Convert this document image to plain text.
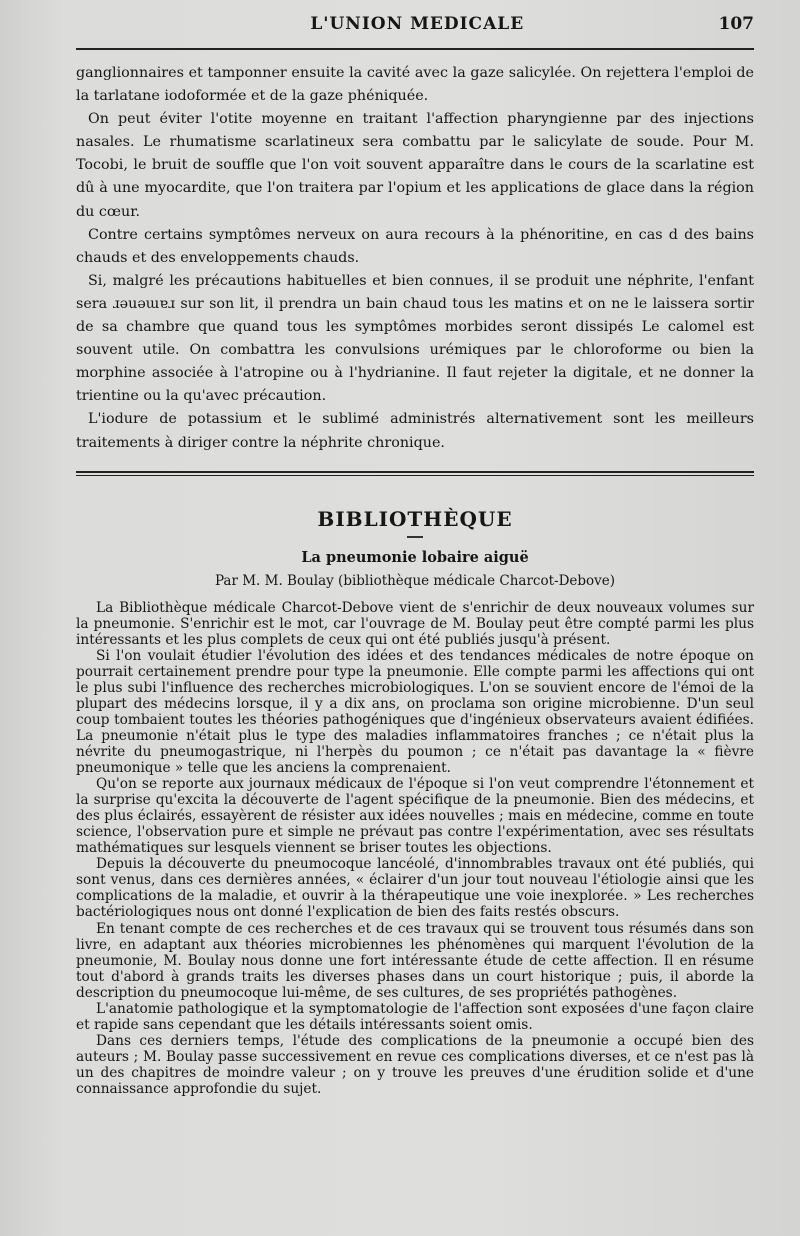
L'UNION MEDICALE	107

ganglionnaires et tamponner ensuite la cavité avec la gaze salicylée. On rejettera l'emploi de la tarlatane iodoformée et de la gaze phéniquée.

On peut éviter l'otite moyenne en traitant l'affection pharyngienne par des injections nasales. Le rhumatisme scarlatineux sera combattu par le salicylate de soude. Pour M. Tocobi, le bruit de souffle que l'on voit souvent apparaître dans le cours de la scarlatine est dû à une myocardite, que l'on traitera par l'opium et les applications de glace dans la région du cœur.

Contre certains symptômes nerveux on aura recours à la phénoritine, en cas d des bains chauds et des enveloppements chauds.

Si, malgré les précautions habituelles et bien connues, il se produit une néphrite, l'enfant sera ɹǝuǝɯɐɹ sur son lit, il prendra un bain chaud tous les matins et on ne le laissera sortir de sa chambre que quand tous les symptômes morbides seront dissipés Le calomel est souvent utile. On combattra les convulsions urémiques par le chloroforme ou bien la morphine associée à l'atropine ou à l'hydrianine. Il faut rejeter la digitale, et ne donner la trientine ou la qu'avec précaution.

L'iodure de potassium et le sublimé administrés alternativement sont les meilleurs traitements à diriger contre la néphrite chronique.

BIBLIOTHÈQUE
La pneumonie lobaire aiguë
Par M. M. Boulay (bibliothèque médicale Charcot-Debove)

La Bibliothèque médicale Charcot-Debove vient de s'enrichir de deux nouveaux volumes sur la pneumonie. S'enrichir est le mot, car l'ouvrage de M. Boulay peut être compté parmi les plus intéressants et les plus complets de ceux qui ont été publiés jusqu'à présent.

Si l'on voulait étudier l'évolution des idées et des tendances médicales de notre époque on pourrait certainement prendre pour type la pneumonie. Elle compte parmi les affections qui ont le plus subi l'influence des recherches microbiologiques. L'on se souvient encore de l'émoi de la plupart des médecins lorsque, il y a dix ans, on proclama son origine microbienne. D'un seul coup tombaient toutes les théories pathogéniques que d'ingénieux observateurs avaient édifiées. La pneumonie n'était plus le type des maladies inflammatoires franches ; ce n'était plus la névrite du pneumogastrique, ni l'herpès du poumon ; ce n'était pas davantage la « fièvre pneumonique » telle que les anciens la comprenaient.

Qu'on se reporte aux journaux médicaux de l'époque si l'on veut comprendre l'étonnement et la surprise qu'excita la découverte de l'agent spécifique de la pneumonie. Bien des médecins, et des plus éclairés, essayèrent de résister aux idées nouvelles ; mais en médecine, comme en toute science, l'observation pure et simple ne prévaut pas contre l'expérimentation, avec ses résultats mathématiques sur lesquels viennent se briser toutes les objections.

Depuis la découverte du pneumocoque lancéolé, d'innombrables travaux ont été publiés, qui sont venus, dans ces dernières années, « éclairer d'un jour tout nouveau l'étiologie ainsi que les complications de la maladie, et ouvrir à la thérapeutique une voie inexplorée. » Les recherches bactériologiques nous ont donné l'explication de bien des faits restés obscurs.

En tenant compte de ces recherches et de ces travaux qui se trouvent tous résumés dans son livre, en adaptant aux théories microbiennes les phénomènes qui marquent l'évolution de la pneumonie, M. Boulay nous donne une fort intéressante étude de cette affection. Il en résume tout d'abord à grands traits les diverses phases dans un court historique ; puis, il aborde la description du pneumocoque lui-même, de ses cultures, de ses propriétés pathogènes.

L'anatomie pathologique et la symptomatologie de l'affection sont exposées d'une façon claire et rapide sans cependant que les détails intéressants soient omis.

Dans ces derniers temps, l'étude des complications de la pneumonie a occupé bien des auteurs ; M. Boulay passe successivement en revue ces complications diverses, et ce n'est pas là un des chapitres de moindre valeur ; on y trouve les preuves d'une érudition solide et d'une connaissance approfondie du sujet.
